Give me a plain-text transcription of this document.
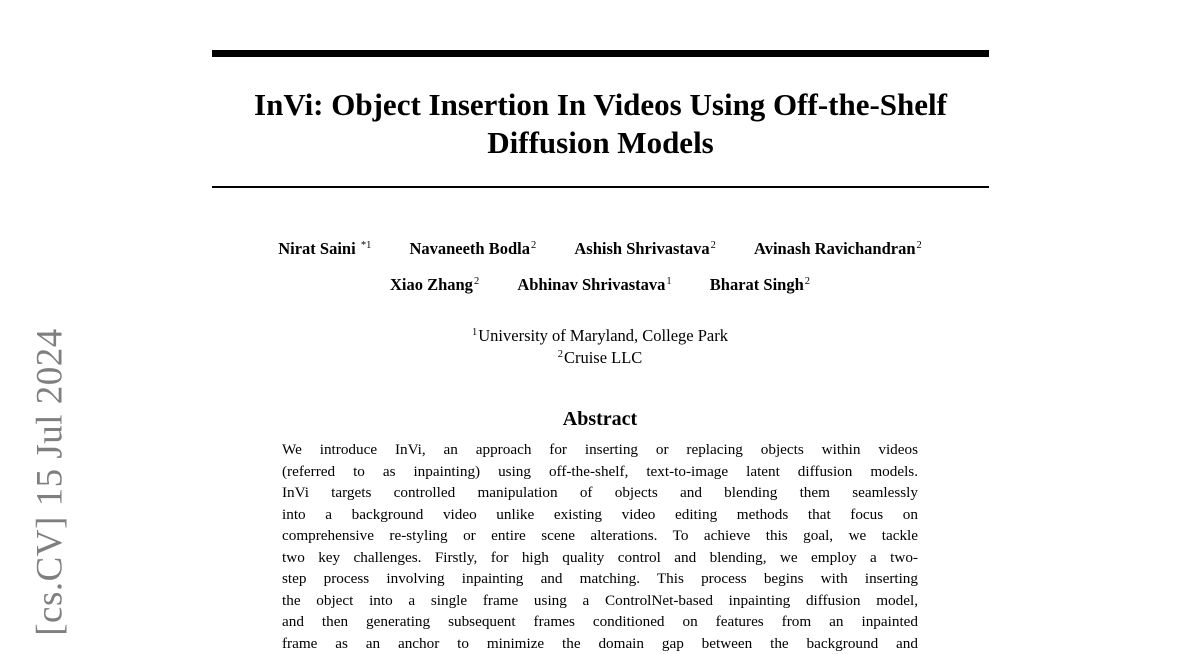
[cs.CV] 15 Jul 2024
InVi: Object Insertion In Videos Using Off-the-Shelf
Diffusion Models
Nirat Saini $^{*1}$ Navaneeth Bodla$^2$ Ashish Shrivastava$^2$ Avinash Ravichandran$^2$
Xiao Zhang$^2$ Abhinav Shrivastava$^1$ Bharat Singh$^2$
$^1$University of Maryland, College Park
$^2$Cruise LLC
Abstract
We introduce InVi, an approach for inserting or replacing objects within videos
(referred to as inpainting) using off-the-shelf, text-to-image latent diffusion models.
InVi targets controlled manipulation of objects and blending them seamlessly
into a background video unlike existing video editing methods that focus on
comprehensive re-styling or entire scene alterations. To achieve this goal, we tackle
two key challenges. Firstly, for high quality control and blending, we employ a two-
step process involving inpainting and matching. This process begins with inserting
the object into a single frame using a ControlNet-based inpainting diffusion model,
and then generating subsequent frames conditioned on features from an inpainted
frame as an anchor to minimize the domain gap between the background and
